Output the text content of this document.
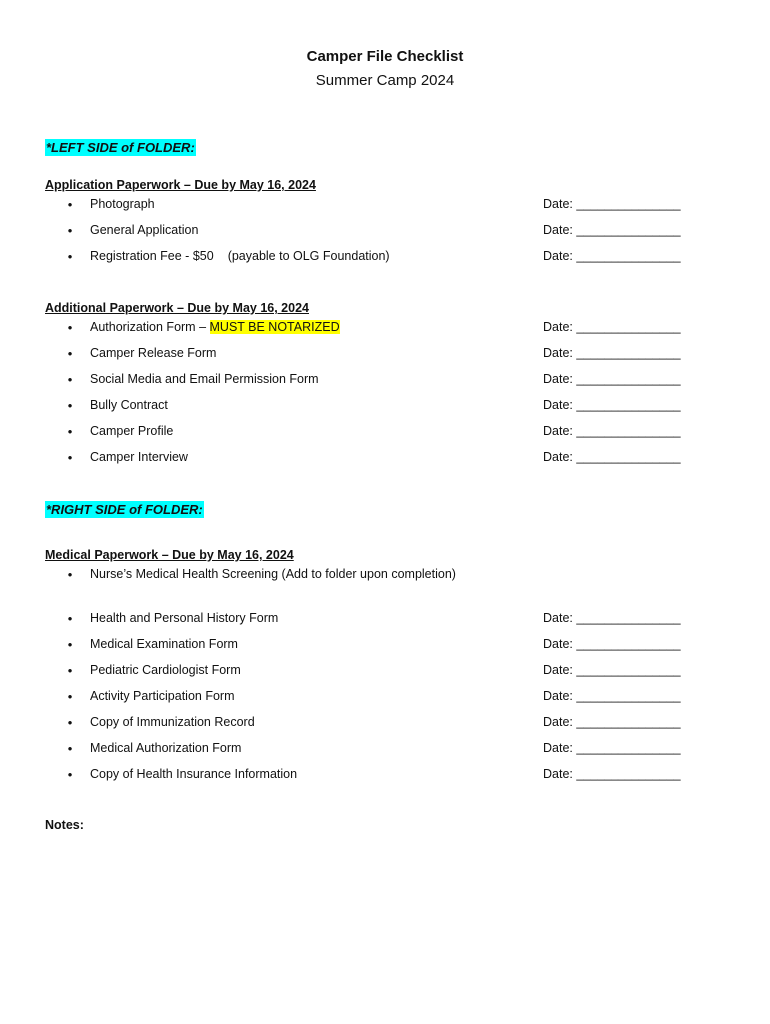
Camper File Checklist
Summer Camp 2024
*LEFT SIDE of FOLDER:
Application Paperwork – Due by May 16, 2024
•	Photograph	Date: _______________
•	General Application	Date: _______________
•	Registration Fee - $50 (payable to OLG Foundation)	Date: _______________
Additional Paperwork – Due by May 16, 2024
•	Authorization Form – MUST BE NOTARIZED	Date: _______________
•	Camper Release Form	Date: _______________
•	Social Media and Email Permission Form	Date: _______________
•	Bully Contract	Date: _______________
•	Camper Profile	Date: _______________
•	Camper Interview	Date: _______________
*RIGHT SIDE of FOLDER:
Medical Paperwork – Due by May 16, 2024
•	Nurse’s Medical Health Screening (Add to folder upon completion)
•	Health and Personal History Form	Date: _______________
•	Medical Examination Form	Date: _______________
•	Pediatric Cardiologist Form	Date: _______________
•	Activity Participation Form	Date: _______________
•	Copy of Immunization Record	Date: _______________
•	Medical Authorization Form	Date: _______________
•	Copy of Health Insurance Information	Date: _______________
Notes:
